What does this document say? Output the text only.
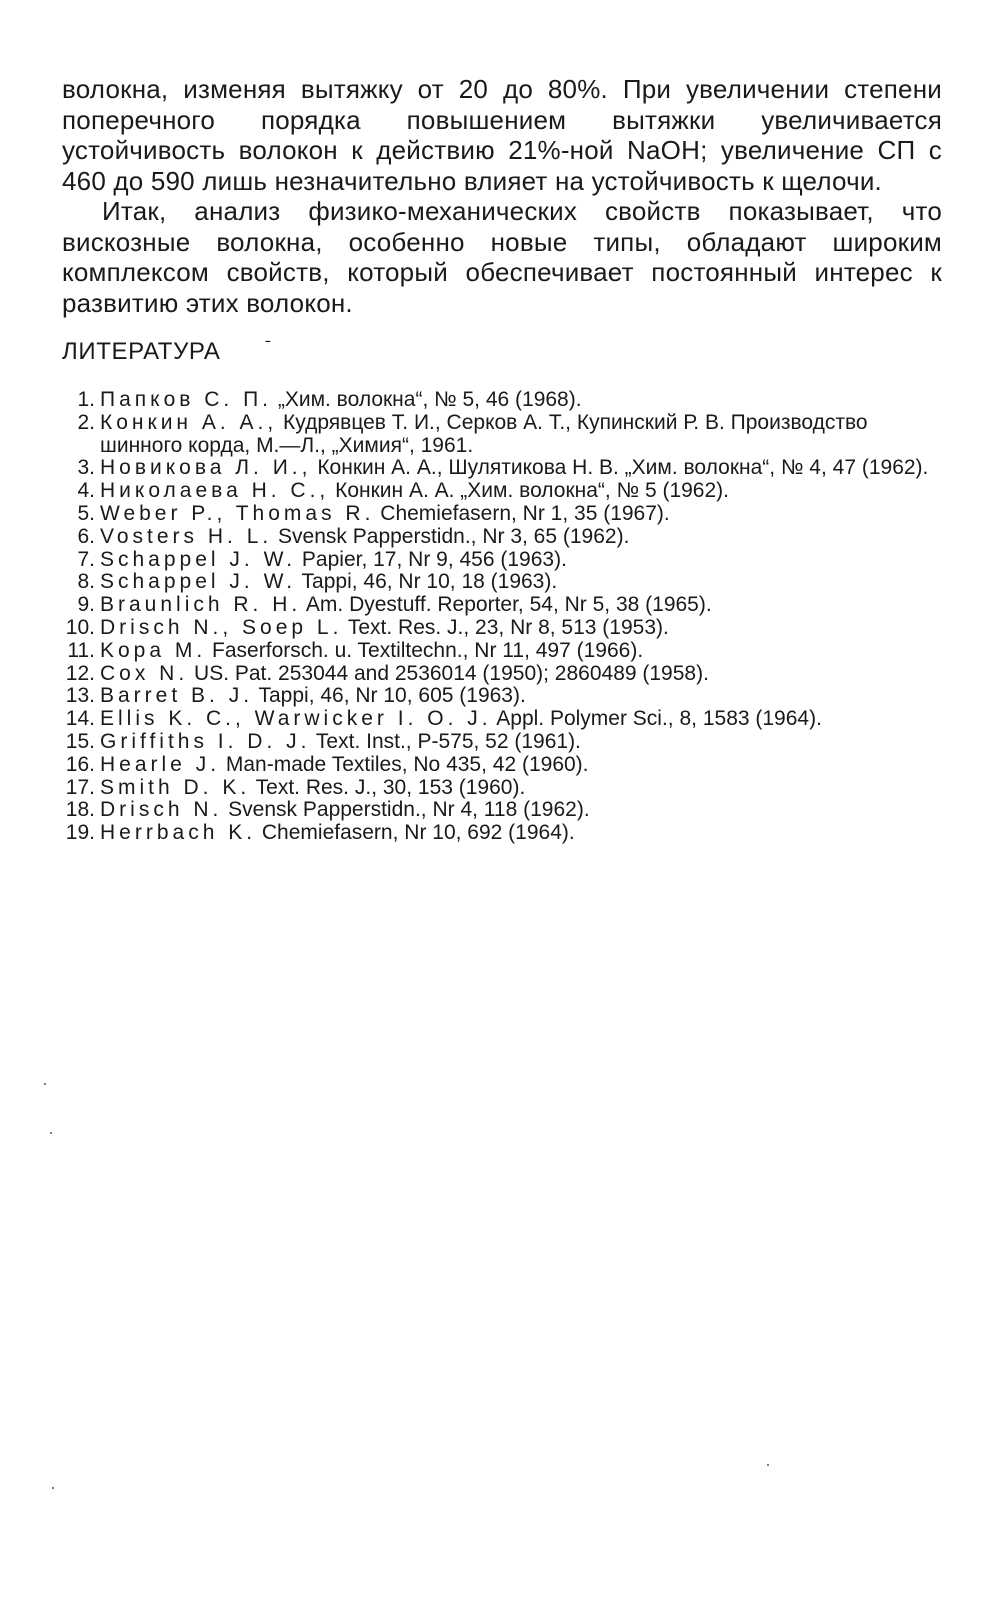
волокна, изменяя вытяжку от 20 до 80%. При увеличении степени поперечного порядка повышением вытяжки увеличивается устойчивость волокон к действию 21%-ной NaOH; увеличение СП с 460 до 590 лишь незначительно влияет на устойчивость к щелочи.

Итак, анализ физико-механических свойств показывает, что вискозные волокна, особенно новые типы, обладают широким комплексом свойств, который обеспечивает постоянный интерес к развитию этих волокон.

ЛИТЕРАТУРА ˉ
1. Папков С. П. „Хим. волокна“, № 5, 46 (1968).
2. Конкин А. А., Кудрявцев Т. И., Серков А. Т., Купинский Р. В. Производство шинного корда, М.—Л., „Химия“, 1961.
3. Новикова Л. И., Конкин А. А., Шулятикова Н. В. „Хим. волокна“, № 4, 47 (1962).
4. Николаева Н. С., Конкин А. А. „Хим. волокна“, № 5 (1962).
5. Weber P., Thomas R. Chemiefasern, Nr 1, 35 (1967).
6. Vosters H. L. Svensk Papperstidn., Nr 3, 65 (1962).
7. Schappel J. W. Papier, 17, Nr 9, 456 (1963).
8. Schappel J. W. Tappi, 46, Nr 10, 18 (1963).
9. Braunlich R. H. Am. Dyestuff. Reporter, 54, Nr 5, 38 (1965).
10. Drisch N., Soep L. Text. Res. J., 23, Nr 8, 513 (1953).
11. Kopa M. Faserforsch. u. Textiltechn., Nr 11, 497 (1966).
12. Cox N. US. Pat. 253044 and 2536014 (1950); 2860489 (1958).
13. Barret B. J. Tappi, 46, Nr 10, 605 (1963).
14. Ellis K. C., Warwicker I. O. J. Appl. Polymer Sci., 8, 1583 (1964).
15. Griffiths I. D. J. Text. Inst., P-575, 52 (1961).
16. Hearle J. Man-made Textiles, No 435, 42 (1960).
17. Smith D. K. Text. Res. J., 30, 153 (1960).
18. Drisch N. Svensk Papperstidn., Nr 4, 118 (1962).
19. Herrbach K. Chemiefasern, Nr 10, 692 (1964).
